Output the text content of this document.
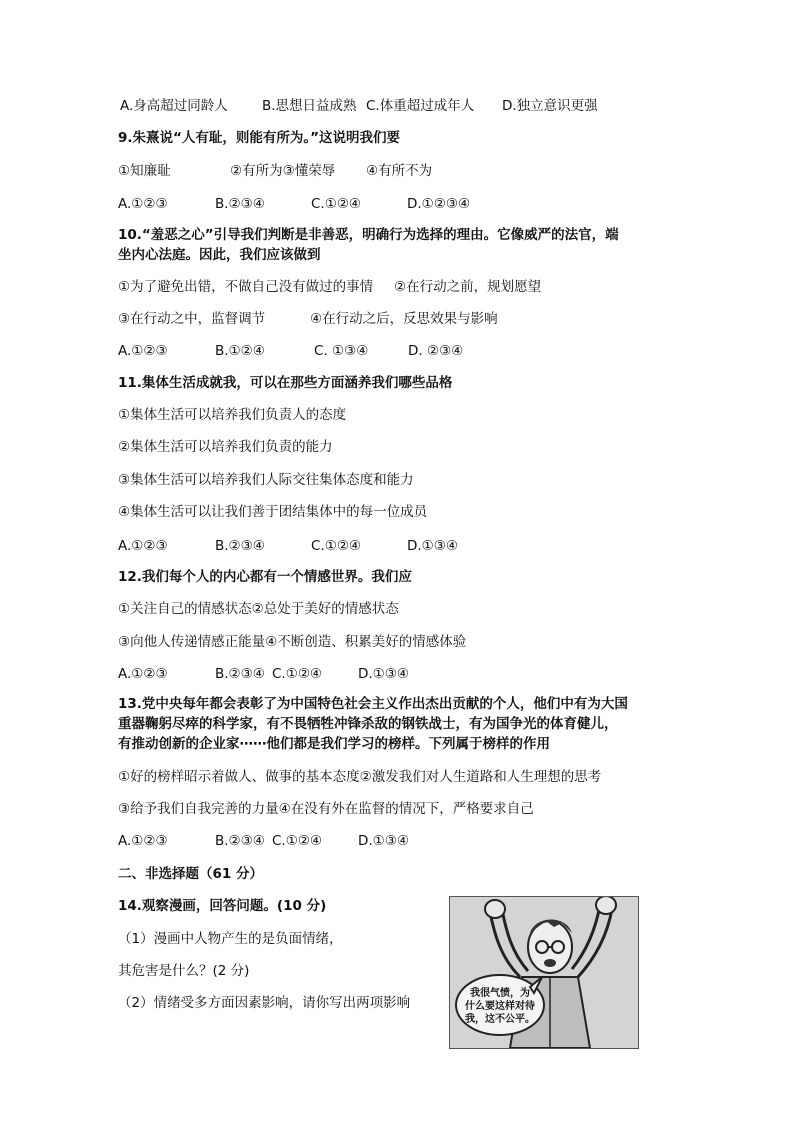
A.身高超过同龄人	B.思想日益成熟 C.体重超过成年人 D.独立意识更强
9.朱熹说“人有耻，则能有所为。”这说明我们要
①知廉耻	②有所为③懂荣辱 ④有所不为
A.①②③	B.②③④	C.①②④	D.①②③④
10.“羞恶之心”引导我们判断是非善恶，明确行为选择的理由。它像威严的法官，端
坐内心法庭。因此，我们应该做到
①为了避免出错，不做自己没有做过的事情 ②在行动之前，规划愿望
③在行动之中，监督调节	④在行动之后，反思效果与影响
A.①②③	B.①②④	C. ①③④	D. ②③④
11.集体生活成就我，可以在那些方面涵养我们哪些品格
①集体生活可以培养我们负责人的态度
②集体生活可以培养我们负责的能力
③集体生活可以培养我们人际交往集体态度和能力
④集体生活可以让我们善于团结集体中的每一位成员
A.①②③	B.②③④	C.①②④	D.①③④
12.我们每个人的内心都有一个情感世界。我们应
①关注自己的情感状态②总处于美好的情感状态
③向他人传递情感正能量④不断创造、积累美好的情感体验
A.①②③	B.②③④ C.①②④	D.①③④
13.党中央每年都会表彰了为中国特色社会主义作出杰出贡献的个人，他们中有为大国
重器鞠躬尽瘁的科学家，有不畏牺牲冲锋杀敌的钢铁战士，有为国争光的体育健儿，
有推动创新的企业家⋯⋯他们都是我们学习的榜样。下列属于榜样的作用
①好的榜样昭示着做人、做事的基本态度②激发我们对人生道路和人生理想的思考
③给予我们自我完善的力量④在没有外在监督的情况下，严格要求自己
A.①②③	B.②③④ C.①②④	D.①③④
二、非选择题（61 分）
14.观察漫画，回答问题。(10 分)
（1）漫画中人物产生的是负面情绪，
其危害是什么？(2 分)
（2）情绪受多方面因素影响，请你写出两项影响
我很气愤，为
什么要这样对待
我，这不公平。
